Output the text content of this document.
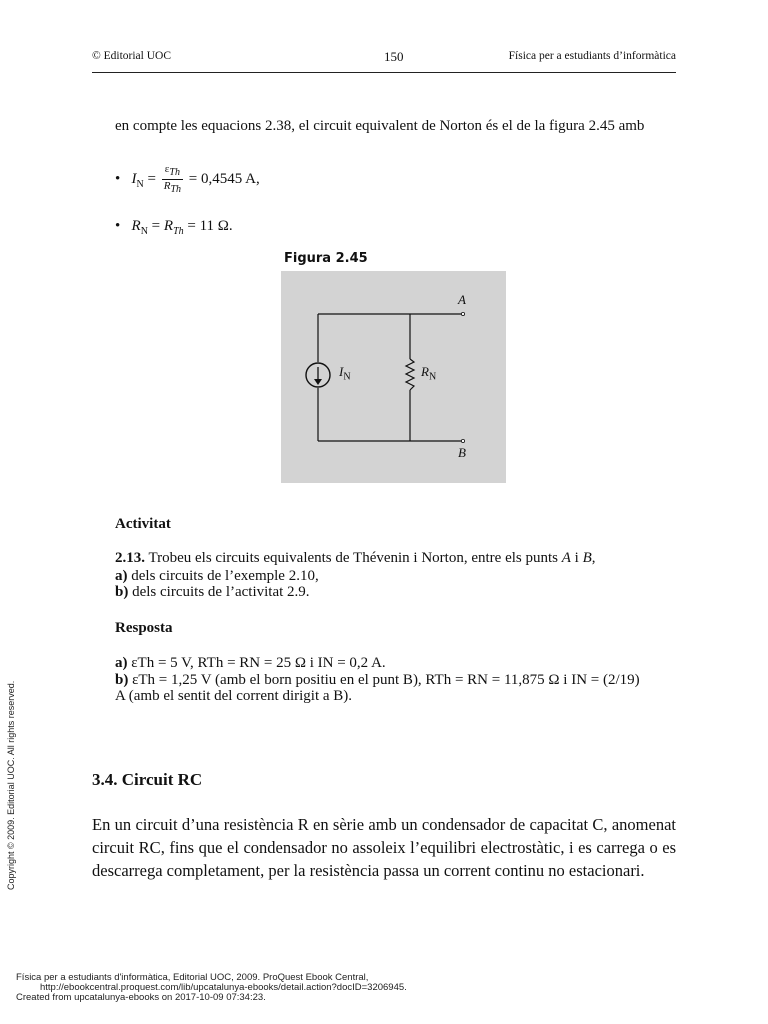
© Editorial UOC	150	Física per a estudiants d’informàtica
en compte les equacions 2.38, el circuit equivalent de Norton és el de la figura 2.45 amb
•   $I_N = \frac{\varepsilon_{Th}}{R_{Th}} = 0,4545$ A,
•   $R_N = R_{Th} = 11$ Ω.
Figura 2.45
$I_N$	$R_N$
A
B
Activitat
2.13. Trobeu els circuits equivalents de Thévenin i Norton, entre els punts A i B,
a) dels circuits de l’exemple 2.10,
b) dels circuits de l’activitat 2.9.
Resposta
a) εTh = 5 V, RTh = RN = 25 Ω i IN = 0,2 A.
b) εTh = 1,25 V (amb el born positiu en el punt B), RTh = RN = 11,875 Ω i IN = (2/19)
A (amb el sentit del corrent dirigit a B).
3.4. Circuit RC
En un circuit d’una resistència R en sèrie amb un condensador de capacitat C, anomenat circuit RC, fins que el condensador no assoleix l’equilibri electrostàtic, i es carrega o es descarrega completament, per la resistència passa un corrent continu no estacionari.
Copyright © 2009. Editorial UOC. All rights reserved.
Física per a estudiants d'informàtica, Editorial UOC, 2009. ProQuest Ebook Central,
http://ebookcentral.proquest.com/lib/upcatalunya-ebooks/detail.action?docID=3206945.
Created from upcatalunya-ebooks on 2017-10-09 07:34:23.
